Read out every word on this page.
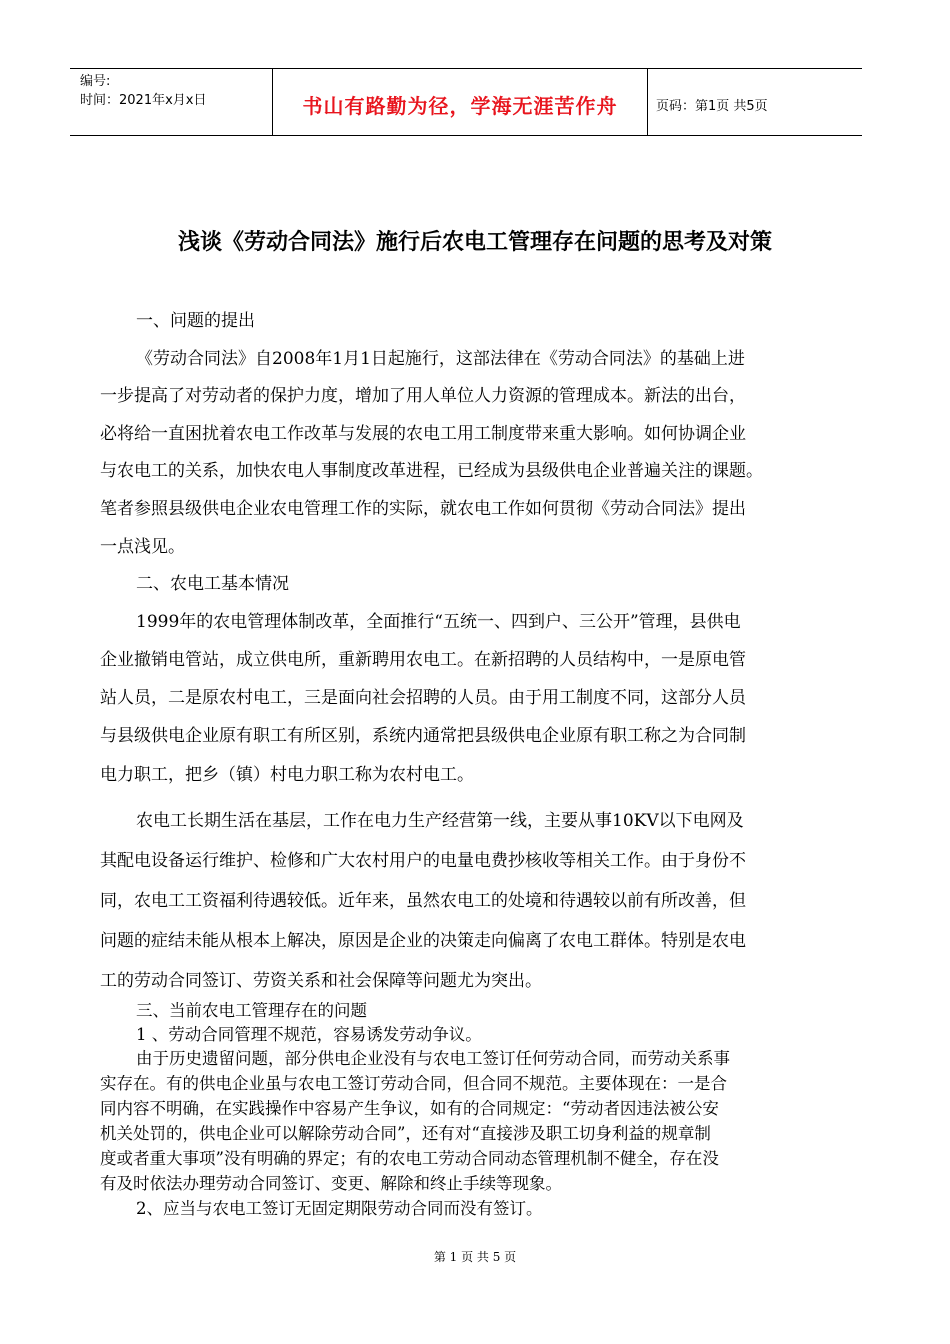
编号:
时间：2021年x月x日	书山有路勤为径，学海无涯苦作舟	页码：第1页 共5页
浅谈《劳动合同法》施行后农电工管理存在问题的思考及对策
一、问题的提出
《劳动合同法》自2008年1月1日起施行，这部法律在《劳动合同法》的基础上进
一步提高了对劳动者的保护力度，增加了用人单位人力资源的管理成本。新法的出台，
必将给一直困扰着农电工作改革与发展的农电工用工制度带来重大影响。如何协调企业
与农电工的关系，加快农电人事制度改革进程，已经成为县级供电企业普遍关注的课题。
笔者参照县级供电企业农电管理工作的实际，就农电工作如何贯彻《劳动合同法》提出
一点浅见。
二、农电工基本情况
1999年的农电管理体制改革，全面推行“五统一、四到户、三公开”管理，县供电
企业撤销电管站，成立供电所，重新聘用农电工。在新招聘的人员结构中，一是原电管
站人员，二是原农村电工，三是面向社会招聘的人员。由于用工制度不同，这部分人员
与县级供电企业原有职工有所区别，系统内通常把县级供电企业原有职工称之为合同制
电力职工，把乡（镇）村电力职工称为农村电工。
农电工长期生活在基层，工作在电力生产经营第一线，主要从事10KV以下电网及
其配电设备运行维护、检修和广大农村用户的电量电费抄核收等相关工作。由于身份不
同，农电工工资福利待遇较低。近年来，虽然农电工的处境和待遇较以前有所改善，但
问题的症结未能从根本上解决，原因是企业的决策走向偏离了农电工群体。特别是农电
工的劳动合同签订、劳资关系和社会保障等问题尤为突出。
三、当前农电工管理存在的问题
1 、劳动合同管理不规范，容易诱发劳动争议。
由于历史遗留问题，部分供电企业没有与农电工签订任何劳动合同，而劳动关系事
实存在。有的供电企业虽与农电工签订劳动合同，但合同不规范。主要体现在：一是合
同内容不明确，在实践操作中容易产生争议，如有的合同规定：“劳动者因违法被公安
机关处罚的，供电企业可以解除劳动合同”，还有对“直接涉及职工切身利益的规章制
度或者重大事项”没有明确的界定；有的农电工劳动合同动态管理机制不健全，存在没
有及时依法办理劳动合同签订、变更、解除和终止手续等现象。
2、应当与农电工签订无固定期限劳动合同而没有签订。
第 1 页 共 5 页
